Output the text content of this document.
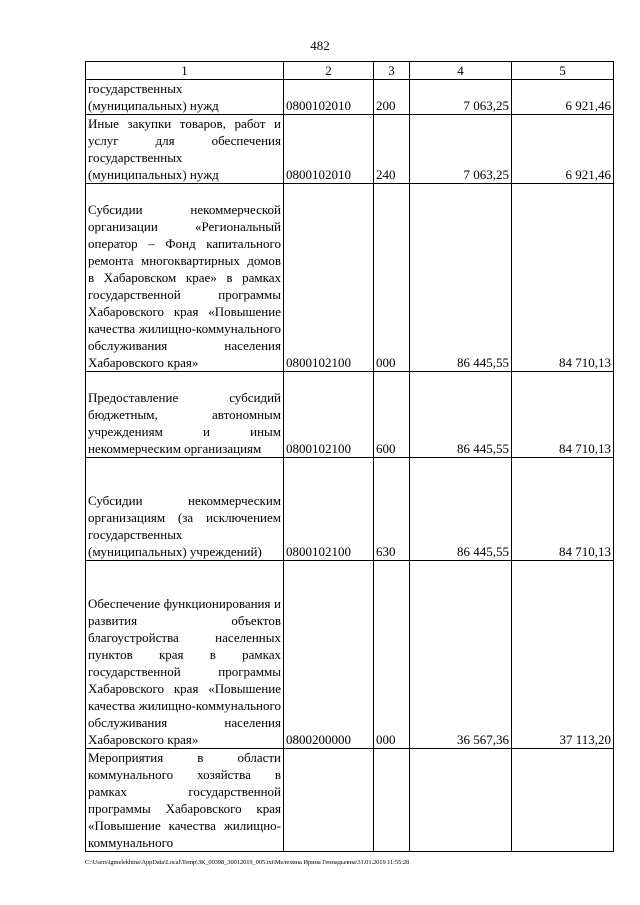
482
1	2	3	4	5
государственных (муниципальных) нужд	0800102010	200	7 063,25	6 921,46
Иные закупки товаров, работ и услуг для обеспечения государственных (муниципальных) нужд	0800102010	240	7 063,25	6 921,46
Субсидии некоммерческой организации «Региональный оператор – Фонд капитального ремонта многоквартирных домов в Хабаровском крае» в рамках государственной программы Хабаровского края «Повышение качества жилищно-коммунального обслуживания населения Хабаровского края»	0800102100	000	86 445,55	84 710,13
Предоставление субсидий бюджетным, автономным учреждениям и иным некоммерческим организациям	0800102100	600	86 445,55	84 710,13
Субсидии некоммерческим организациям (за исключением государственных (муниципальных) учреждений)	0800102100	630	86 445,55	84 710,13
Обеспечение функционирования и развития объектов благоустройства населенных пунктов края в рамках государственной программы Хабаровского края «Повышение качества жилищно-коммунального обслуживания населения Хабаровского края»	0800200000	000	36 567,36	37 113,20
Мероприятия в области коммунального хозяйства в рамках государственной программы Хабаровского края «Повышение качества жилищно-коммунального				
C:\Users\igmelekhina\AppData\Local\Temp\ЗК_00398_30012019_005.txt\Мелехина Ирина Геннадьевна\31.01.2019 11:55:28
